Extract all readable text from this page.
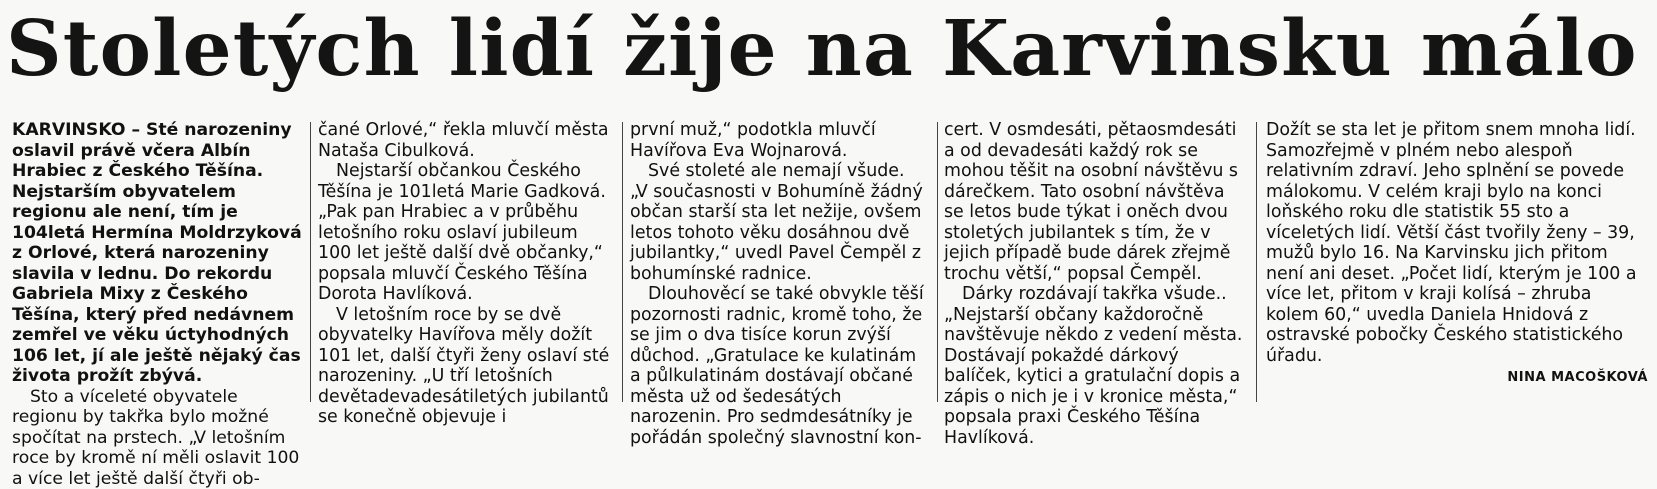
Stoletých lidí žije na Karvinsku málo

KARVINSKO – Sté narozeniny oslavil právě včera Albín Hrabiec z Českého Těšína. Nejstarším obyvatelem regionu ale není, tím je 104letá Hermína Moldrzyková z Orlové, která narozeniny slavila v lednu. Do rekordu Gabriela Mixy z Českého Těšína, který před nedávnem zemřel ve věku úctyhodných 106 let, jí ale ještě nějaký čas života prožít zbývá.

Sto a víceleté obyvatele regionu by takřka bylo možné spočítat na prstech. „V letošním roce by kromě ní měli oslavit 100 a více let ještě další čtyři ob-

čané Orlové,“ řekla mluvčí města Nataša Cibulková.

Nejstarší občankou Českého Těšína je 101letá Marie Gadková. „Pak pan Hrabiec a v průběhu letošního roku oslaví jubileum 100 let ještě další dvě občanky,“ popsala mluvčí Českého Těšína Dorota Havlíková.

V letošním roce by se dvě obyvatelky Havířova měly dožít 101 let, další čtyři ženy oslaví sté narozeniny. „U tří letošních devětadevadesátiletých jubilantů se konečně objevuje i

první muž,“ podotkla mluvčí Havířova Eva Wojnarová.

Své stoleté ale nemají všude. „V současnosti v Bohumíně žádný občan starší sta let nežije, ovšem letos tohoto věku dosáhnou dvě jubilantky,“ uvedl Pavel Čempěl z bohumínské radnice.

Dlouhověcí se také obvykle těší pozornosti radnic, kromě toho, že se jim o dva tisíce korun zvýší důchod. „Gratulace ke kulatinám a půlkulatinám dostávají občané města už od šedesátých narozenin. Pro sedmdesátníky je pořádán společný slavnostní kon-

cert. V osmdesáti, pětaosmdesáti a od devadesáti každý rok se mohou těšit na osobní návštěvu s dárečkem. Tato osobní návštěva se letos bude týkat i oněch dvou stoletých jubilantek s tím, že v jejich případě bude dárek zřejmě trochu větší,“ popsal Čempěl.

Dárky rozdávají takřka všude.. „Nejstarší občany každoročně navštěvuje někdo z vedení města. Dostávají pokaždé dárkový balíček, kytici a gratulační dopis a zápis o nich je i v kronice města,“ popsala praxi Českého Těšína Havlíková.

Dožít se sta let je přitom snem mnoha lidí. Samozřejmě v plném nebo alespoň relativním zdraví. Jeho splnění se povede málokomu. V celém kraji bylo na konci loňského roku dle statistik 55 sto a víceletých lidí. Větší část tvořily ženy – 39, mužů bylo 16. Na Karvinsku jich přitom není ani deset. „Počet lidí, kterým je 100 a více let, přitom v kraji kolísá – zhruba kolem 60,“ uvedla Daniela Hnidová z ostravské pobočky Českého statistického úřadu.

NINA MACOŠKOVÁ
